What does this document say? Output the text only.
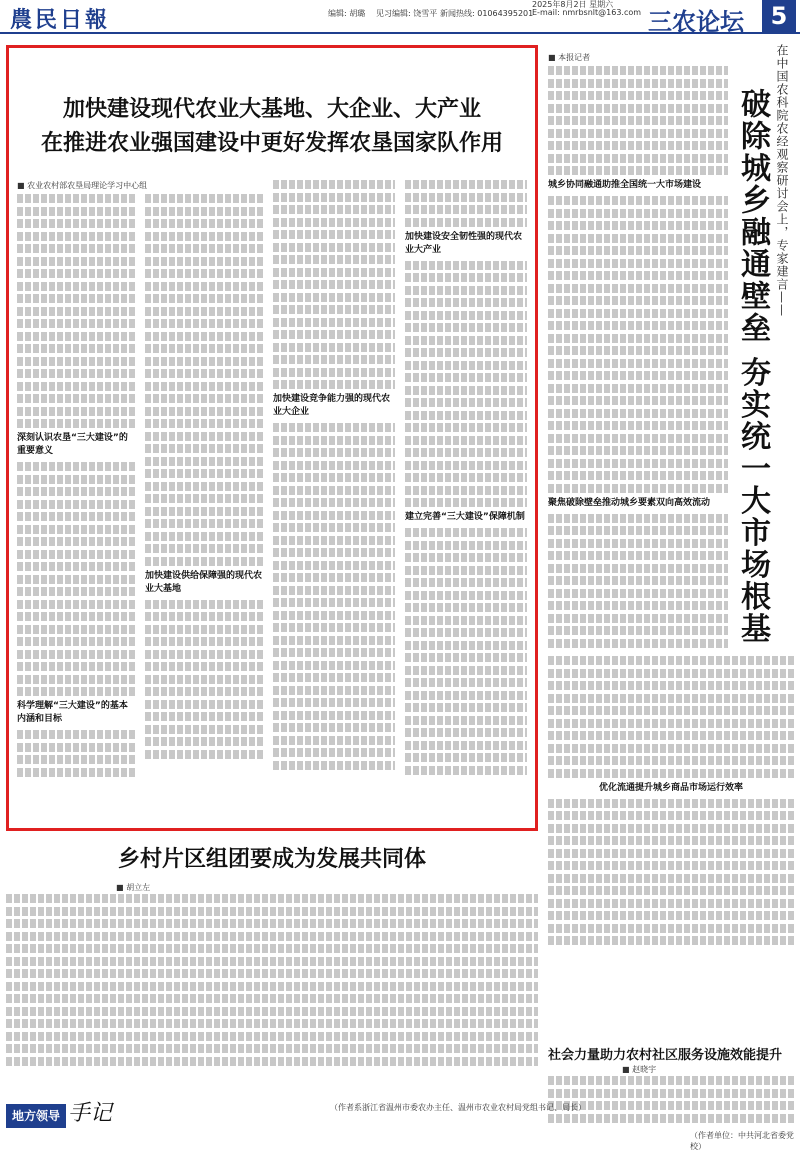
農民日報	编辑: 胡璐 见习编辑: 饶雪平 新闻热线: 01064395201
E-mail: nmrbsnlt@163.com
2025年8月2日 星期六
三农论坛	5
加快建设现代农业大基地、大企业、大产业
在推进农业强国建设中更好发挥农垦国家队作用
■ 农业农村部农垦局理论学习中心组
深刻认识农垦“三大建设”的重要意义
科学理解“三大建设”的基本内涵和目标
加快建设供给保障强的现代农业大基地
加快建设竞争能力强的现代农业大企业
加快建设安全韧性强的现代农业大产业
建立完善“三大建设”保障机制
在中国农科院农经观察研讨会上，专家建言——
破除城乡融通壁垒 夯实统一大市场根基
■ 本报记者
城乡协同融通助推全国统一大市场建设
聚焦破除壁垒推动城乡要素双向高效流动
优化流通提升城乡商品市场运行效率
社会力量助力农村社区服务设施效能提升
■ 赵晓宇
（作者单位：中共河北省委党校）
乡村片区组团要成为发展共同体
■ 胡立左
（作者系浙江省温州市委农办主任、温州市农业农村局党组书记、局长）
地方领导 手记
